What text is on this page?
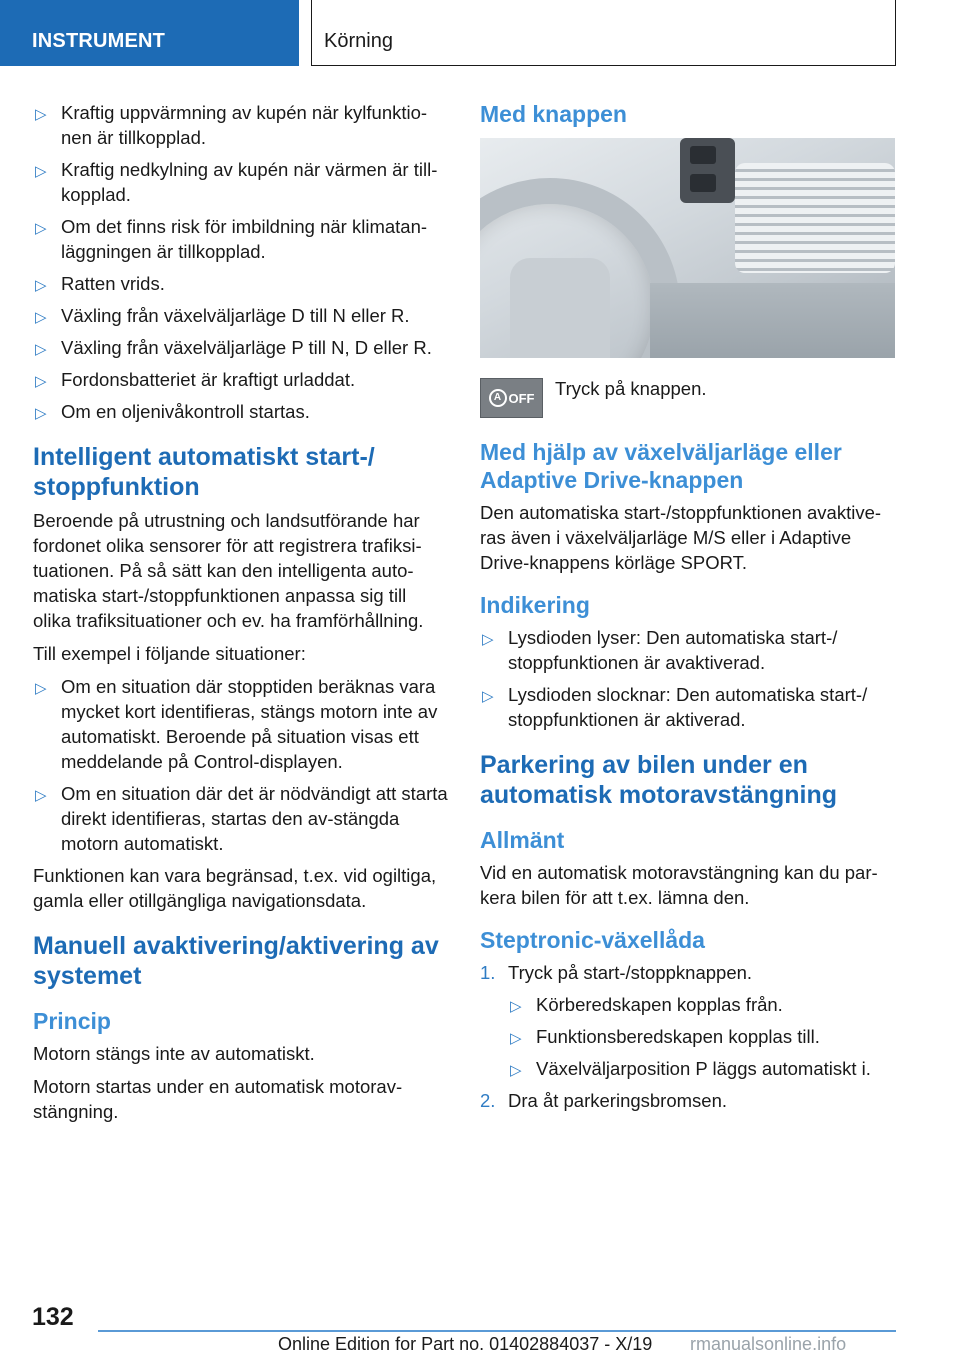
INSTRUMENT	Körning
▷ Kraftig uppvärmning av kupén när kylfunktio-nen är tillkopplad.
▷ Kraftig nedkylning av kupén när värmen är till-kopplad.
▷ Om det finns risk för imbildning när klimatan-läggningen är tillkopplad.
▷ Ratten vrids.
▷ Växling från växelväljarläge D till N eller R.
▷ Växling från växelväljarläge P till N, D eller R.
▷ Fordonsbatteriet är kraftigt urladdat.
▷ Om en oljenivåkontroll startas.
Intelligent automatiskt start-/ stoppfunktion

Beroende på utrustning och landsutförande har fordonet olika sensorer för att registrera trafiksi-tuationen. På så sätt kan den intelligenta auto-matiska start-/stoppfunktionen anpassa sig till olika trafiksituationer och ev. ha framförhållning.

Till exempel i följande situationer:

▷ Om en situation där stopptiden beräknas vara mycket kort identifieras, stängs motorn inte av automatiskt. Beroende på situation visas ett meddelande på Control-displayen.
▷ Om en situation där det är nödvändigt att starta direkt identifieras, startas den av-stängda motorn automatiskt.

Funktionen kan vara begränsad, t.ex. vid ogiltiga, gamla eller otillgängliga navigationsdata.

Manuell avaktivering/aktivering av systemet
Princip

Motorn stängs inte av automatiskt.

Motorn startas under en automatisk motorav-stängning.

Med knappen
A OFF Tryck på knappen.
Med hjälp av växelväljarläge eller Adaptive Drive-knappen

Den automatiska start-/stoppfunktionen avaktive-ras även i växelväljarläge M/S eller i Adaptive Drive-knappens körläge SPORT.

Indikering
▷ Lysdioden lyser: Den automatiska start-/ stoppfunktionen är avaktiverad.
▷ Lysdioden slocknar: Den automatiska start-/ stoppfunktionen är aktiverad.
Parkering av bilen under en automatisk motoravstängning
Allmänt

Vid en automatisk motoravstängning kan du par-kera bilen för att t.ex. lämna den.

Steptronic-växellåda
1. Tryck på start-/stoppknappen.
▷ Körberedskapen kopplas från.
▷ Funktionsberedskapen kopplas till.
▷ Växelväljarposition P läggs automatiskt i.
2. Dra åt parkeringsbromsen.
132
Online Edition for Part no. 01402884037 - X/19 rmanualsonline.info
